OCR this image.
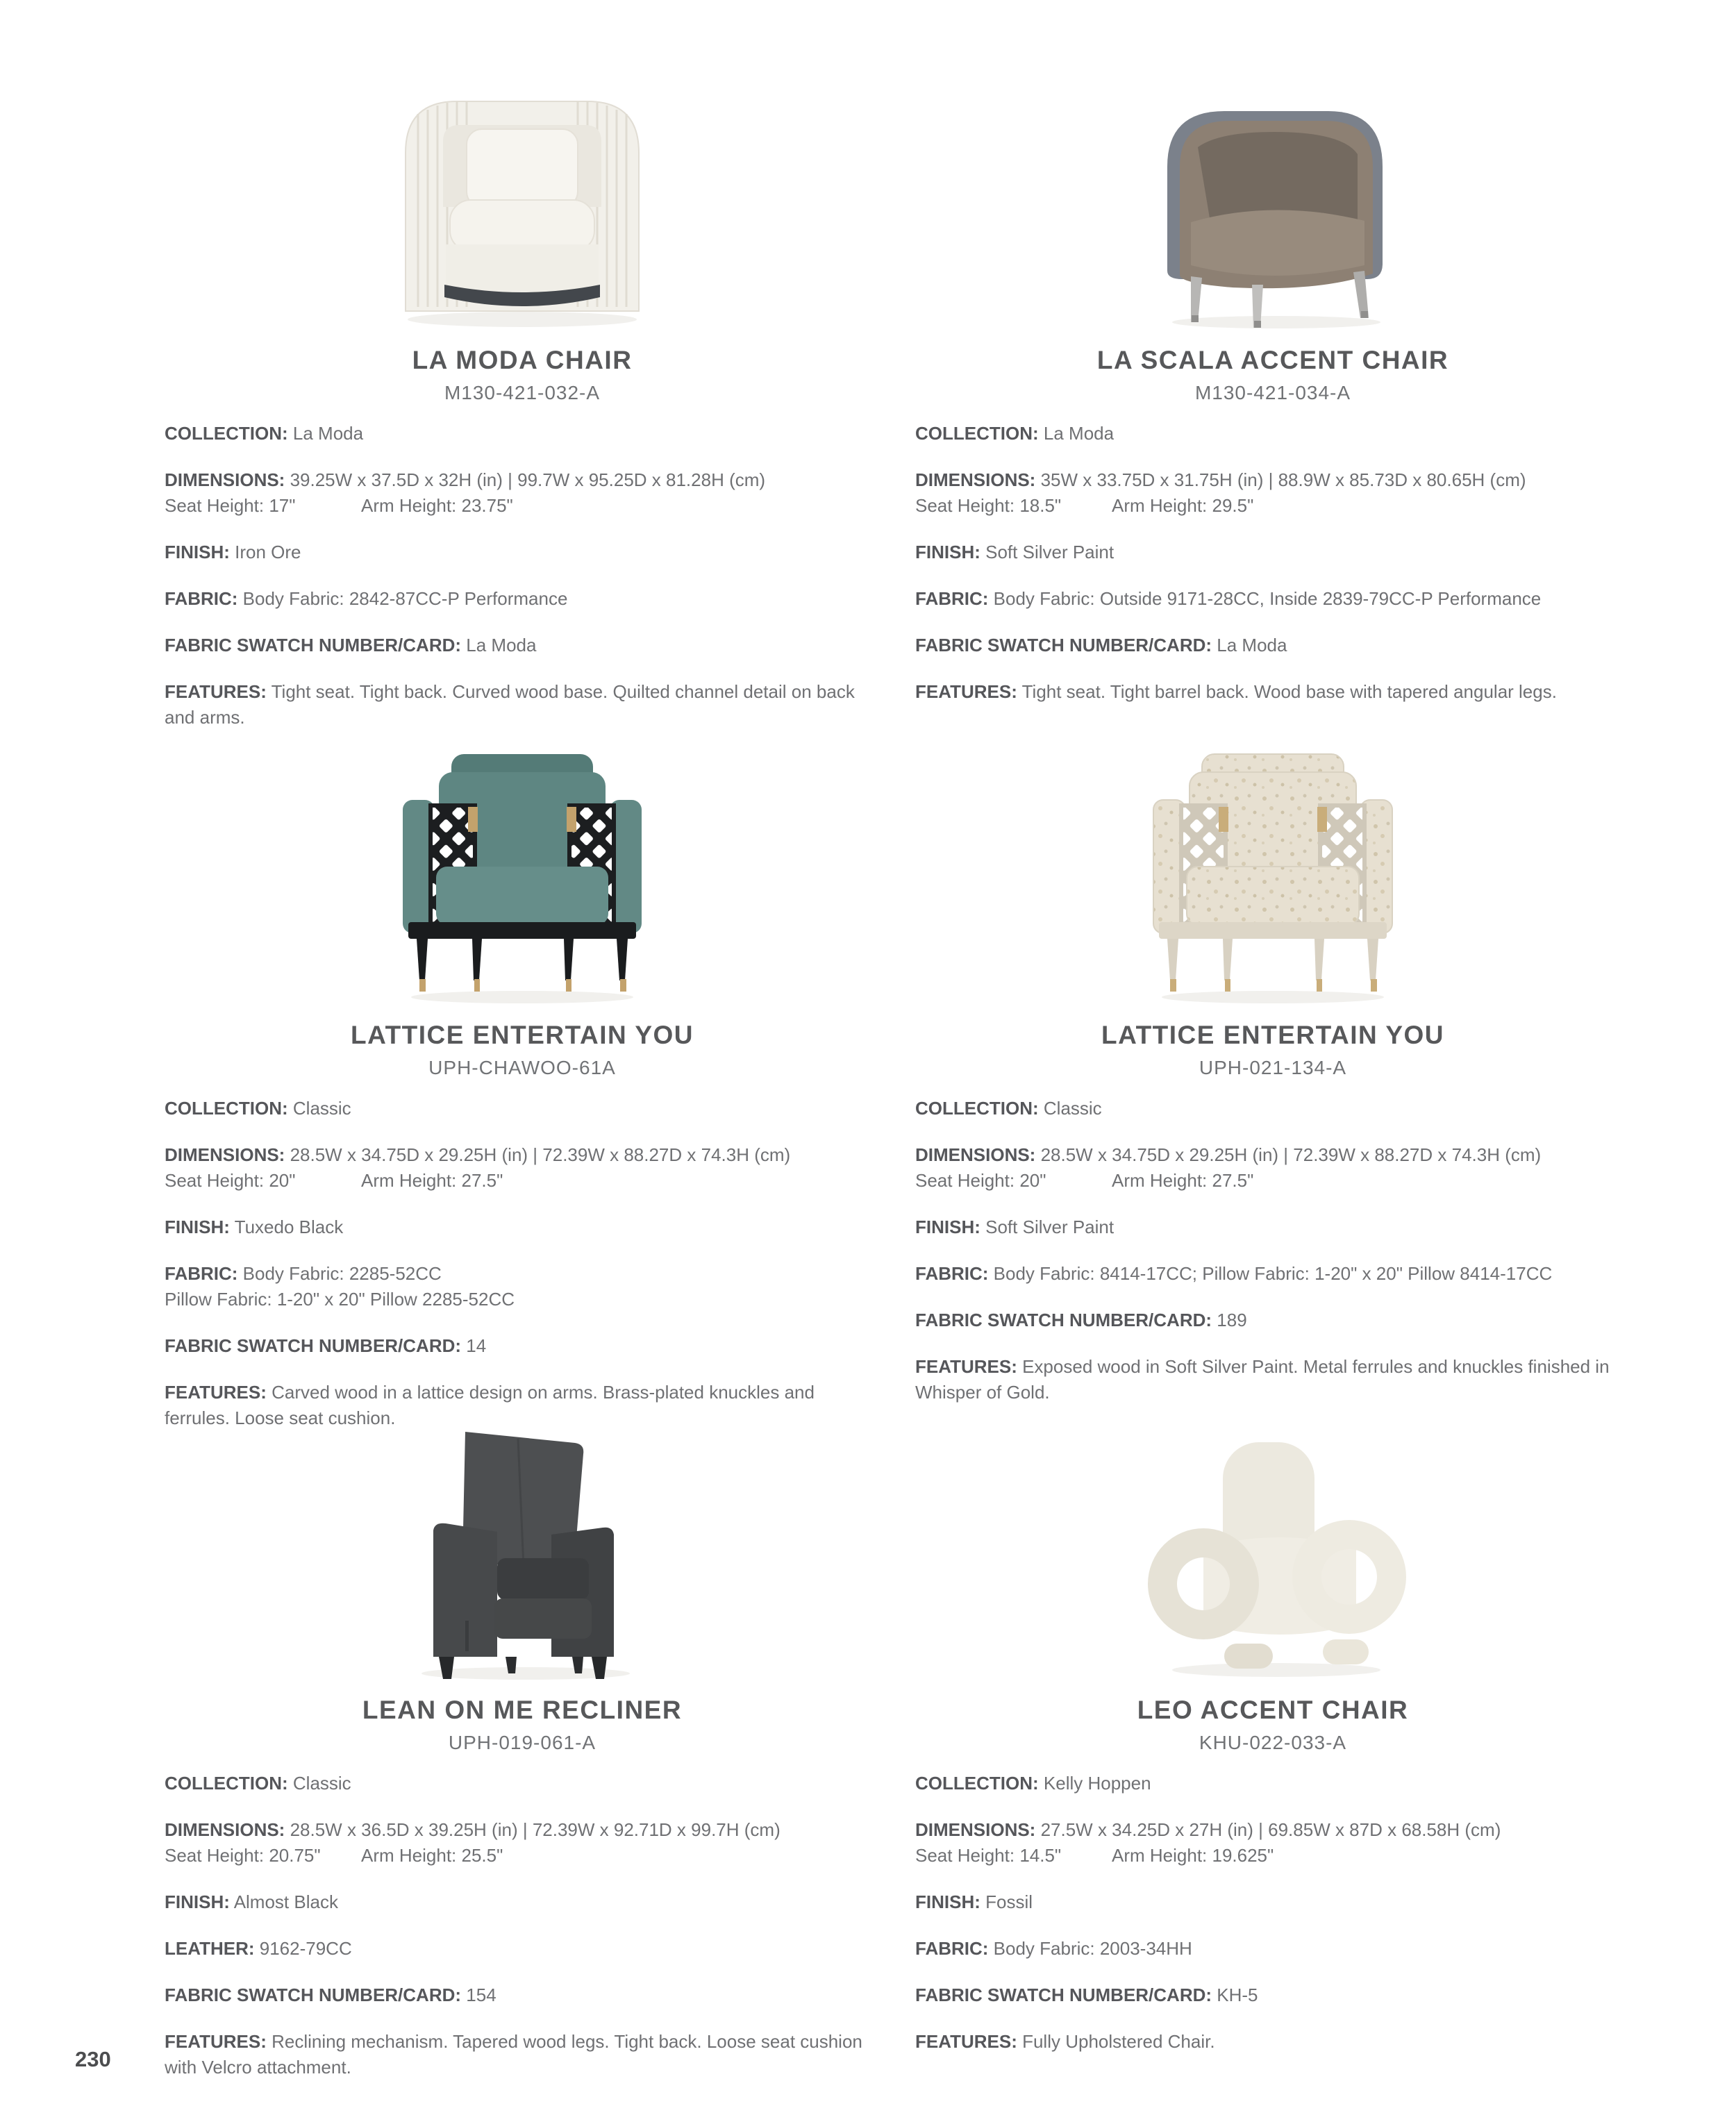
LA MODA CHAIR
M130-421-032-A

COLLECTION: La Moda

DIMENSIONS: 39.25W x 37.5D x 32H (in) | 99.7W x 95.25D x 81.28H (cm)
Seat Height: 17"	Arm Height: 23.75"

FINISH: Iron Ore

FABRIC: Body Fabric: 2842-87CC-P Performance

FABRIC SWATCH NUMBER/CARD: La Moda

FEATURES: Tight seat. Tight back. Curved wood base. Quilted channel detail on back and arms.

LA SCALA ACCENT CHAIR
M130-421-034-A

COLLECTION: La Moda

DIMENSIONS: 35W x 33.75D x 31.75H (in) | 88.9W x 85.73D x 80.65H (cm)
Seat Height: 18.5"	Arm Height: 29.5"

FINISH: Soft Silver Paint

FABRIC: Body Fabric: Outside 9171-28CC, Inside 2839-79CC-P Performance

FABRIC SWATCH NUMBER/CARD: La Moda

FEATURES: Tight seat. Tight barrel back. Wood base with tapered angular legs.

LATTICE ENTERTAIN YOU
UPH-CHAWOO-61A

COLLECTION: Classic

DIMENSIONS: 28.5W x 34.75D x 29.25H (in) | 72.39W x 88.27D x 74.3H (cm)
Seat Height: 20"	Arm Height: 27.5"

FINISH: Tuxedo Black

FABRIC: Body Fabric: 2285-52CC
Pillow Fabric: 1-20" x 20" Pillow 2285-52CC

FABRIC SWATCH NUMBER/CARD: 14

FEATURES: Carved wood in a lattice design on arms. Brass-plated knuckles and ferrules. Loose seat cushion.

LATTICE ENTERTAIN YOU
UPH-021-134-A

COLLECTION: Classic

DIMENSIONS: 28.5W x 34.75D x 29.25H (in) | 72.39W x 88.27D x 74.3H (cm)
Seat Height: 20"	Arm Height: 27.5"

FINISH: Soft Silver Paint

FABRIC: Body Fabric: 8414-17CC; Pillow Fabric: 1-20" x 20" Pillow 8414-17CC

FABRIC SWATCH NUMBER/CARD: 189

FEATURES: Exposed wood in Soft Silver Paint. Metal ferrules and knuckles finished in Whisper of Gold.

LEAN ON ME RECLINER
UPH-019-061-A

COLLECTION: Classic

DIMENSIONS: 28.5W x 36.5D x 39.25H (in) | 72.39W x 92.71D x 99.7H (cm)
Seat Height: 20.75" Arm Height: 25.5"

FINISH: Almost Black

LEATHER: 9162-79CC

FABRIC SWATCH NUMBER/CARD: 154

FEATURES: Reclining mechanism. Tapered wood legs. Tight back. Loose seat cushion with Velcro attachment.

LEO ACCENT CHAIR
KHU-022-033-A

COLLECTION: Kelly Hoppen

DIMENSIONS: 27.5W x 34.25D x 27H (in) | 69.85W x 87D x 68.58H (cm)
Seat Height: 14.5"	Arm Height: 19.625"

FINISH: Fossil

FABRIC: Body Fabric: 2003-34HH

FABRIC SWATCH NUMBER/CARD: KH-5

FEATURES: Fully Upholstered Chair.

230
